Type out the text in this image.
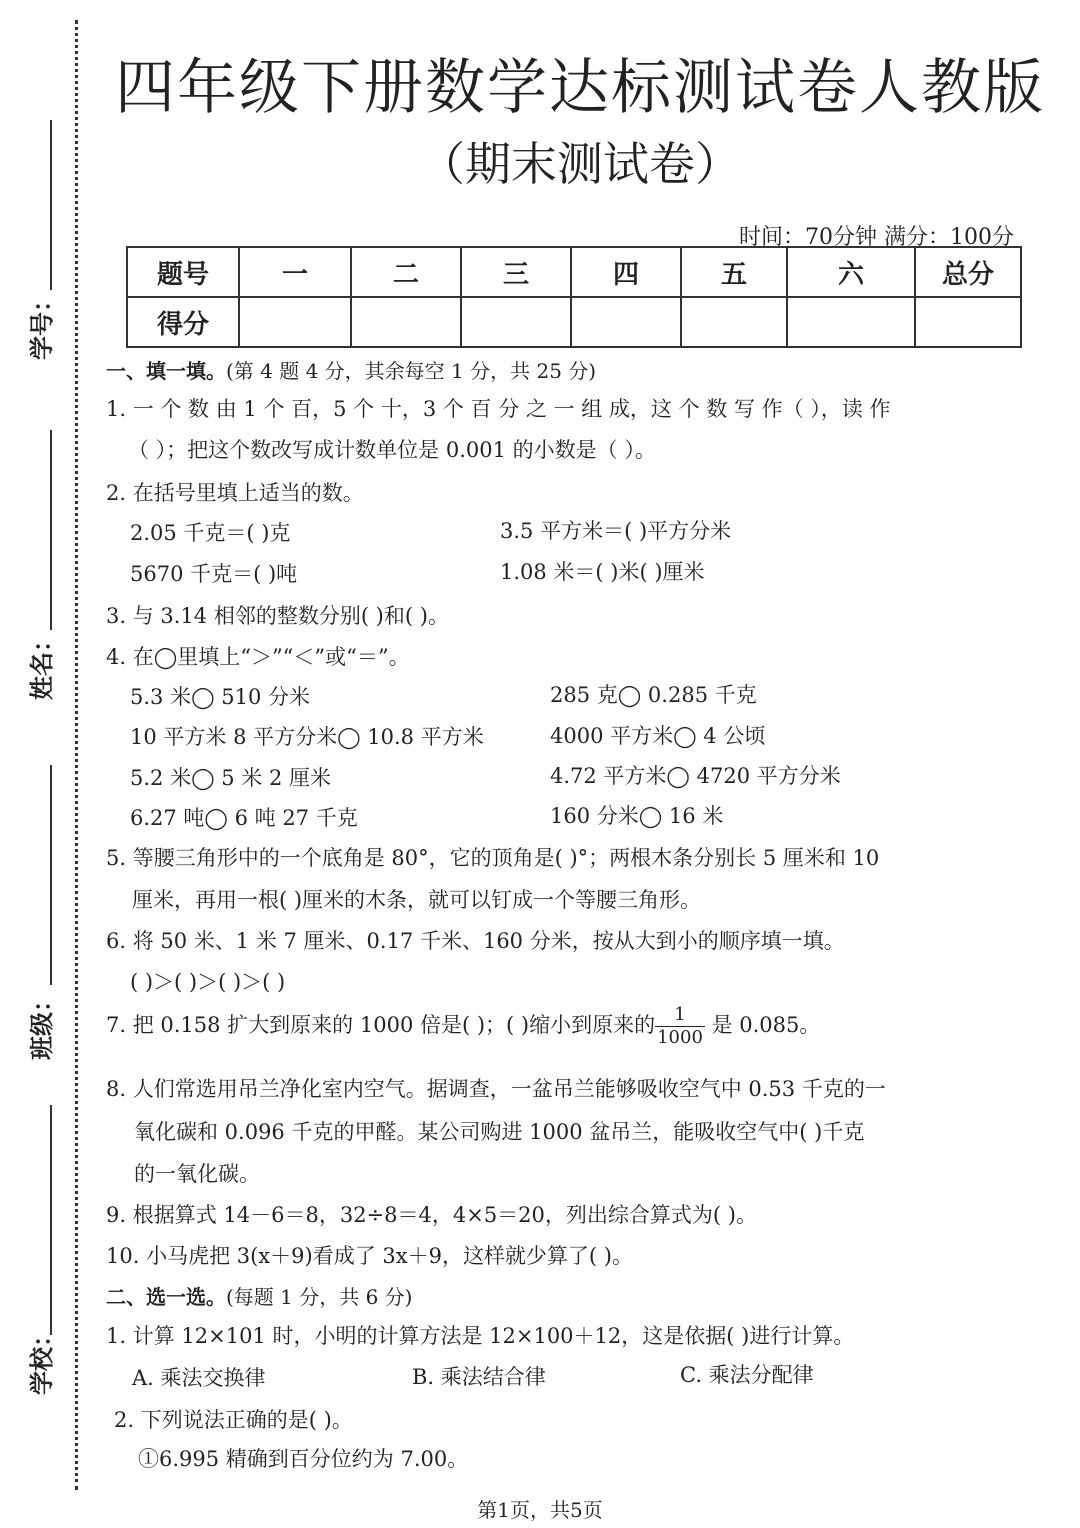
学号：
姓名：
班级：
学校：
四年级下册数学达标测试卷人教版
（期末测试卷）
时间：70分钟 满分：100分
题号	一	二	三	四	五	六	总分
得分							
一、填一填。(第 4 题 4 分，其余每空 1 分，共 25 分)
1. 一 个 数 由 1 个 百，5 个 十，3 个 百 分 之 一 组 成，这 个 数 写 作（ ），读 作
（ ）；把这个数改写成计数单位是 0.001 的小数是（ ）。
2. 在括号里填上适当的数。
2.05 千克＝( )克	3.5 平方米＝( )平方分米
5670 千克＝( )吨	1.08 米＝( )米( )厘米
3. 与 3.14 相邻的整数分别( )和( )。
4. 在◯里填上“＞”“＜”或“＝”。
5.3 米◯ 510 分米	285 克◯ 0.285 千克
10 平方米 8 平方分米◯ 10.8 平方米	4000 平方米◯ 4 公顷
5.2 米◯ 5 米 2 厘米	4.72 平方米◯ 4720 平方分米
6.27 吨◯ 6 吨 27 千克	160 分米◯ 16 米
5. 等腰三角形中的一个底角是 80°，它的顶角是( )°；两根木条分别长 5 厘米和 10
厘米，再用一根( )厘米的木条，就可以钉成一个等腰三角形。
6. 将 50 米、1 米 7 厘米、0.17 千米、160 分米，按从大到小的顺序填一填。
( )＞( )＞( )＞( )
7. 把 0.158 扩大到原来的 1000 倍是( )；( )缩小到原来的 $\frac{1}{1000}$ 是 0.085。
8. 人们常选用吊兰净化室内空气。据调查，一盆吊兰能够吸收空气中 0.53 千克的一
氧化碳和 0.096 千克的甲醛。某公司购进 1000 盆吊兰，能吸收空气中( )千克
的一氧化碳。
9. 根据算式 14－6＝8，32÷8＝4，4×5＝20，列出综合算式为( )。
10. 小马虎把 3(x＋9)看成了 3x＋9，这样就少算了( )。
二、选一选。(每题 1 分，共 6 分)
1. 计算 12×101 时，小明的计算方法是 12×100＋12，这是依据( )进行计算。
A. 乘法交换律	B. 乘法结合律	C. 乘法分配律
2. 下列说法正确的是( )。
①6.995 精确到百分位约为 7.00。
第1页，共5页
